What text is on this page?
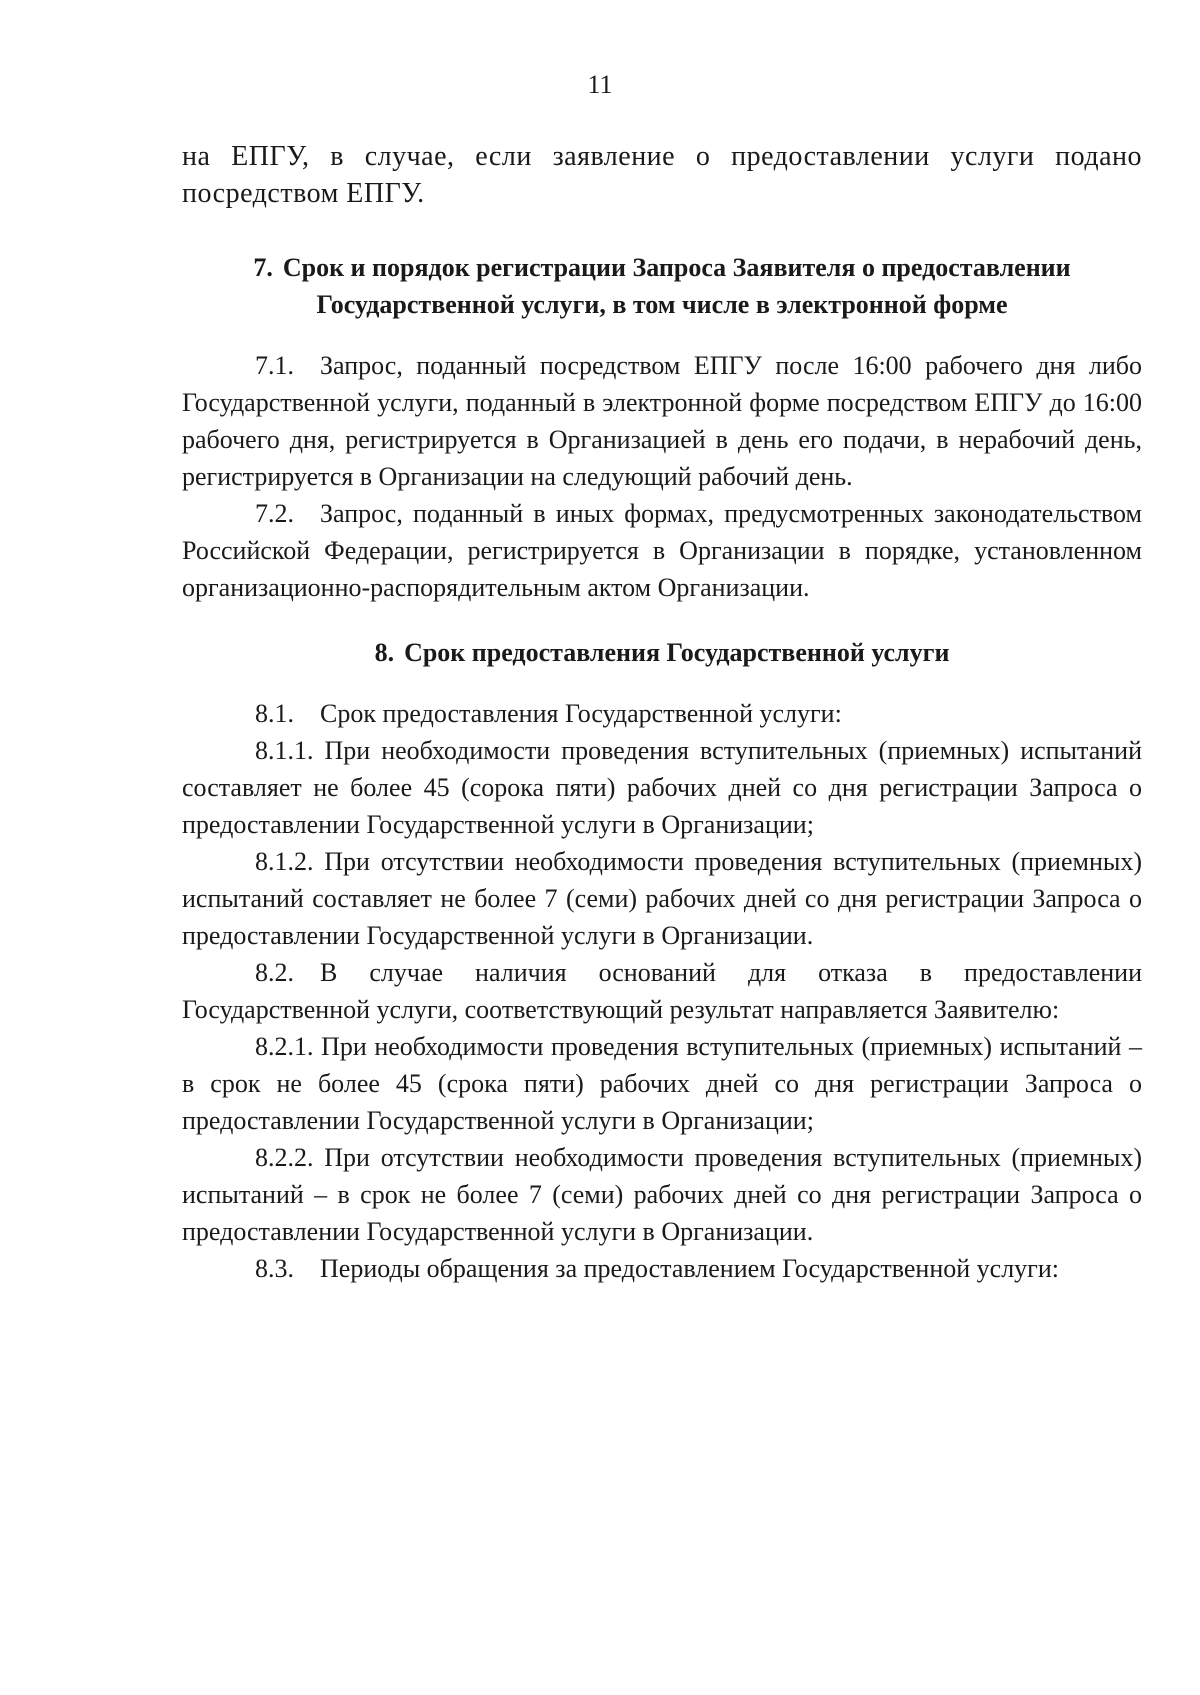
11

на ЕПГУ, в случае, если заявление о предоставлении услуги подано посредством ЕПГУ.

7. Срок и порядок регистрации Запроса Заявителя о предоставлении

Государственной услуги, в том числе в электронной форме

7.1. Запрос, поданный посредством ЕПГУ после 16:00 рабочего дня либо Государственной услуги, поданный в электронной форме посредством ЕПГУ до 16:00 рабочего дня, регистрируется в Организацией в день его подачи, в нерабочий день, регистрируется в Организации на следующий рабочий день.

7.2. Запрос, поданный в иных формах, предусмотренных законодательством Российской Федерации, регистрируется в Организации в порядке, установленном организационно-распорядительным актом Организации.

8. Срок предоставления Государственной услуги

8.1. Срок предоставления Государственной услуги:

8.1.1. При необходимости проведения вступительных (приемных) испытаний составляет не более 45 (сорока пяти) рабочих дней со дня регистрации Запроса о предоставлении Государственной услуги в Организации;

8.1.2. При отсутствии необходимости проведения вступительных (приемных) испытаний составляет не более 7 (семи) рабочих дней со дня регистрации Запроса о предоставлении Государственной услуги в Организации.

8.2. В случае наличия оснований для отказа в предоставлении Государственной услуги, соответствующий результат направляется Заявителю:

8.2.1. При необходимости проведения вступительных (приемных) испытаний – в срок не более 45 (срока пяти) рабочих дней со дня регистрации Запроса о предоставлении Государственной услуги в Организации;

8.2.2. При отсутствии необходимости проведения вступительных (приемных) испытаний – в срок не более 7 (семи) рабочих дней со дня регистрации Запроса о предоставлении Государственной услуги в Организации.

8.3. Периоды обращения за предоставлением Государственной услуги:
